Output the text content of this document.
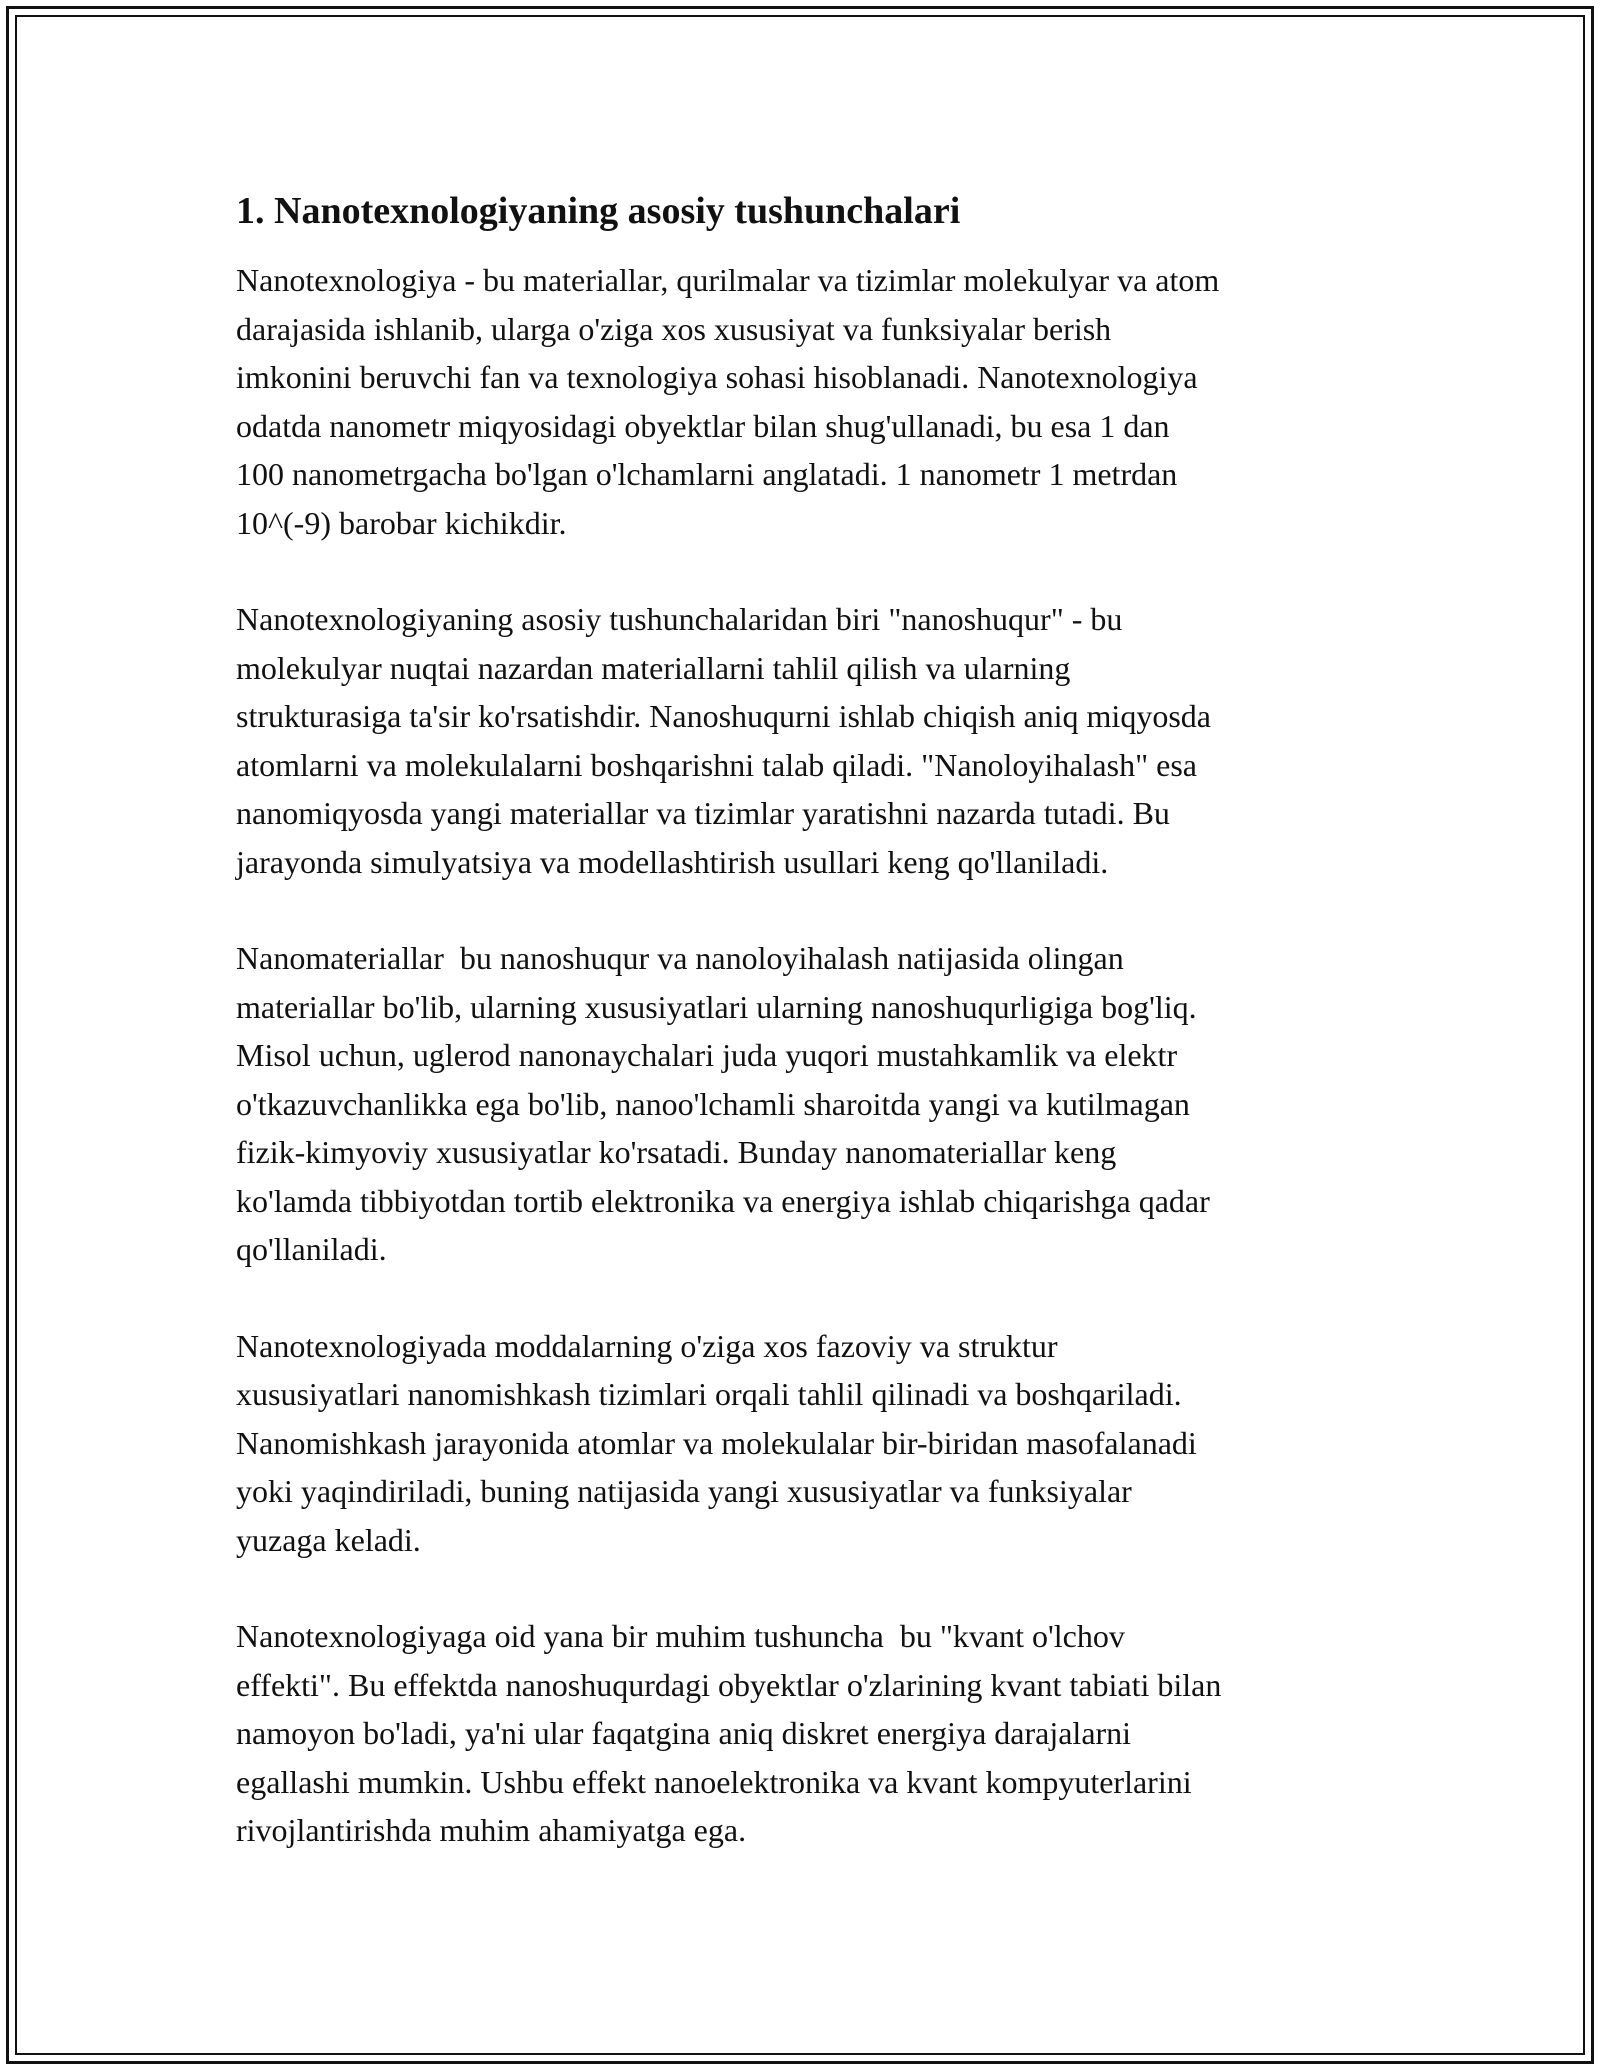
1. Nanotexnologiyaning asosiy tushunchalari

Nanotexnologiya - bu materiallar, qurilmalar va tizimlar molekulyar va atom
darajasida ishlanib, ularga o'ziga xos xususiyat va funksiyalar berish
imkonini beruvchi fan va texnologiya sohasi hisoblanadi. Nanotexnologiya
odatda nanometr miqyosidagi obyektlar bilan shug'ullanadi, bu esa 1 dan
100 nanometrgacha bo'lgan o'lchamlarni anglatadi. 1 nanometr 1 metrdan
10^(-9) barobar kichikdir.

Nanotexnologiyaning asosiy tushunchalaridan biri "nanoshuqur" - bu
molekulyar nuqtai nazardan materiallarni tahlil qilish va ularning
strukturasiga ta'sir ko'rsatishdir. Nanoshuqurni ishlab chiqish aniq miqyosda
atomlarni va molekulalarni boshqarishni talab qiladi. "Nanoloyihalash" esa
nanomiqyosda yangi materiallar va tizimlar yaratishni nazarda tutadi. Bu
jarayonda simulyatsiya va modellashtirish usullari keng qo'llaniladi.

Nanomateriallar  bu nanoshuqur va nanoloyihalash natijasida olingan
materiallar bo'lib, ularning xususiyatlari ularning nanoshuqurligiga bog'liq.
Misol uchun, uglerod nanonaychalari juda yuqori mustahkamlik va elektr
o'tkazuvchanlikka ega bo'lib, nanoo'lchamli sharoitda yangi va kutilmagan
fizik-kimyoviy xususiyatlar ko'rsatadi. Bunday nanomateriallar keng
ko'lamda tibbiyotdan tortib elektronika va energiya ishlab chiqarishga qadar
qo'llaniladi.

Nanotexnologiyada moddalarning o'ziga xos fazoviy va struktur
xususiyatlari nanomishkash tizimlari orqali tahlil qilinadi va boshqariladi.
Nanomishkash jarayonida atomlar va molekulalar bir-biridan masofalanadi
yoki yaqindiriladi, buning natijasida yangi xususiyatlar va funksiyalar
yuzaga keladi.

Nanotexnologiyaga oid yana bir muhim tushuncha  bu "kvant o'lchov
effekti". Bu effektda nanoshuqurdagi obyektlar o'zlarining kvant tabiati bilan
namoyon bo'ladi, ya'ni ular faqatgina aniq diskret energiya darajalarni
egallashi mumkin. Ushbu effekt nanoelektronika va kvant kompyuterlarini
rivojlantirishda muhim ahamiyatga ega.
